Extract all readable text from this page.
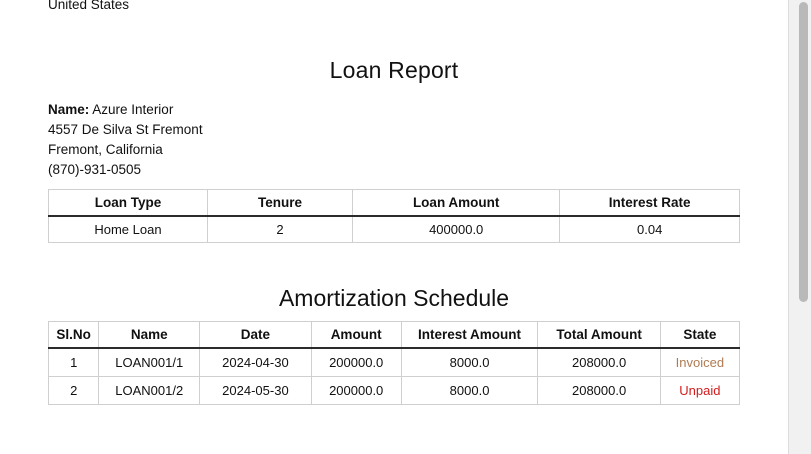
United States
Loan Report
Name: Azure Interior
4557 De Silva St Fremont
Fremont, California
(870)-931-0505
Loan Type	Tenure	Loan Amount	Interest Rate
Home Loan	2	400000.0	0.04
Amortization Schedule
Sl.No	Name	Date	Amount	Interest Amount	Total Amount	State
1	LOAN001/1	2024-04-30	200000.0	8000.0	208000.0	Invoiced
2	LOAN001/2	2024-05-30	200000.0	8000.0	208000.0	Unpaid
